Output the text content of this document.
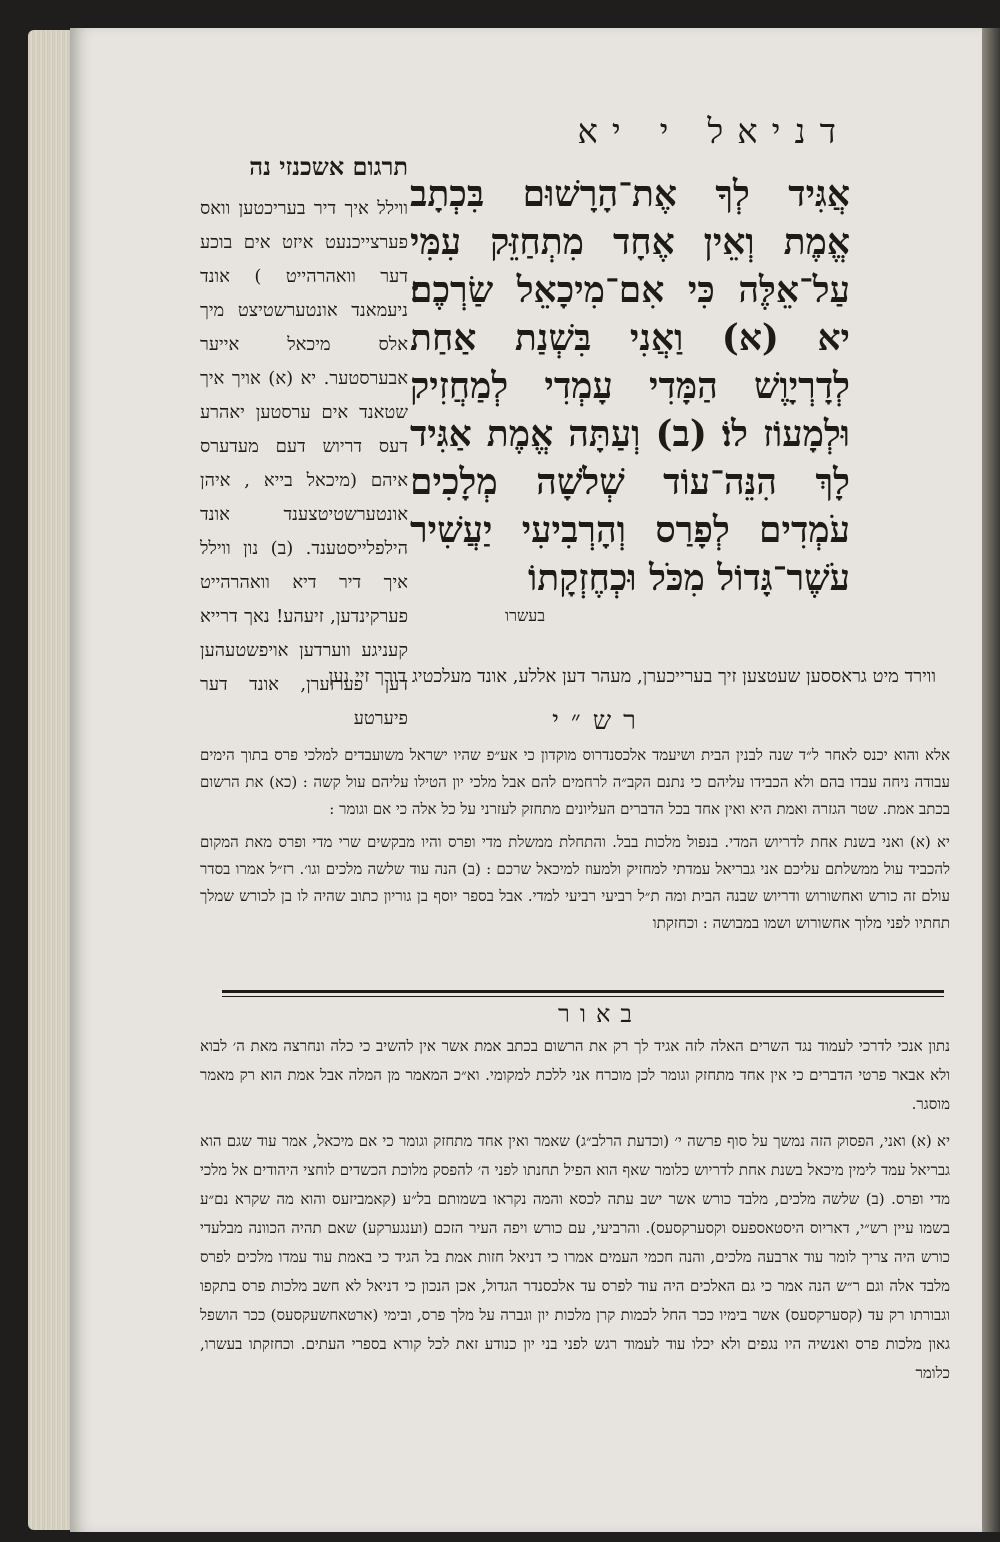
דניאל י יא
אֲגִּיד לְךָ אֶת־הָרָשׁוּם בִּכְתָב אֱמֶת וְאֵין אֶחָד מִתְחַזֵּק עִמִּי עַל־אֵלֶּה כִּי אִם־מִיכָאֵל שַׂרְכֶם׃ יא (א) וַאֲנִי בִּשְׁנַת אַחַת לְדָרְיָוֶשׁ הַמָּדִי עָמְדִי לְמַחֲזִיק וּלְמָעוֹז לוֹ׃ (ב) וְעַתָּה אֱמֶת אַגִּיד לָךְ הִנֵּה־עוֹד שְׁלֹשָׁה מְלָכִים עֹמְדִים לְפָרַס וְהָרְבִיעִי יַעֲשִׁיר עֹשֶׁר־גָּדוֹל מִכֹּל וּכְחֶזְקָתוֹ
בעשרו
תרגום אשכנזי נה
ווילל איך דיר בעריכטען וואס פערצייכנעט איזט אים בוכע דער וואהרהייט ) אונד ניעמאנד אונטערשטיצט מיך אלס מיכאל אייער אבערסטער. יא (א) אויך איך שטאנד אים ערסטען יאהרע דעס דריוש דעם מעדערס איהם (מיכאל בייא , איהן אונטערשטיטצענד אונד הילפלייסטענד. (ב) נון ווילל איך דיר דיא וואהרהייט פערקינדען, זיעהע! נאך דרייא קעניגע ווערדען אויפשטעהען דען פערזערן, אונד דער פיערטע
ווירד מיט גראססען שעטצען זיך בערייכערן, מעהר דען אללע, אונד מעלכטיג דורך זיי נען
רש״י

אלא והוא יכנס לאחר ל״ד שנה לבנין הבית ושיעמד אלכסנדרוס מוקדון כי אע״פ שהיו ישראל משועבדים למלכי פרס בתוך הימים עבודה ניחה עבדו בהם ולא הכבידו עליהם כי נתנם הקב״ה לרחמים להם אבל מלכי יון הטילו עליהם עול קשה : (כא) את הרשום בכתב אמת. שטר הגזרה ואמת היא ואין אחד בכל הדברים העליונים מתחזק לעזרני על כל אלה כי אם וגומר :

יא (א) ואני בשנת אחת לדריוש המדי. בנפול מלכות בבל. והתחלת ממשלת מדי ופרס והיו מבקשים שרי מדי ופרס מאת המקום להכביד עול ממשלתם עליכם אני גבריאל עמדתי למחזיק ולמעוז למיכאל שרכם : (ב) הנה עוד שלשה מלכים וגו׳. רז״ל אמרו בסדר עולם זה כורש ואחשורוש ודריוש שבנה הבית ומה ת״ל רביעי רביעי למדי. אבל בספר יוסף בן גוריון כתוב שהיה לו בן לכורש שמלך תחתיו לפני מלוך אחשורוש ושמו במבושה : וכחזקתו

באור

נתון אנכי לדרכי לעמוד נגד השרים האלה לזה אגיד לך רק את הרשום בכתב אמת אשר אין להשיב כי כלה ונחרצה מאת ה׳ לבוא ולא אבאר פרטי הדברים כי אין אחד מתחזק וגומר לכן מוכרח אני ללכת למקומי. וא״כ המאמר מן המלה אבל אמת הוא רק מאמר מוסגר.

יא (א) ואני, הפסוק הזה נמשך על סוף פרשה י׳ (וכדעת הרלב״ג) שאמר ואין אחד מתחזק וגומר כי אם מיכאל, אמר עוד שגם הוא גבריאל עמד לימין מיכאל בשנת אחת לדריוש כלומר שאף הוא הפיל תחנתו לפני ה׳ להפסק מלוכת הכשדים לוחצי היהודים אל מלכי מדי ופרס. (ב) שלשה מלכים, מלבד כורש אשר ישב עתה לכסא והמה נקראו בשמותם בל״ע (קאמביזעס והוא מה שקרא נם״ע בשמו עיין רש״י, דאריוס היסטאספעס וקסערקסעס). והרביעי, עם כורש ויפה העיר הזכם (וענגערקע) שאם תהיה הכוונה מבלעדי כורש היה צריך לומר עוד ארבעה מלכים, והנה חכמי העמים אמרו כי דניאל חזות אמת בל הגיד כי באמת עוד עמדו מלכים לפרס מלבד אלה וגם ר״ש הנה אמר כי גם האלכים היה עוד לפרס עד אלכסנדר הגדול, אכן הנכון כי דניאל לא חשב מלכות פרס בתקפו וגבורתו רק עד (קסערקסעס) אשר בימיו ככר החל לכמות קרן מלכות יון וגברה על מלך פרס, ובימי (ארטאחשעקסעס) ככר הושפל גאון מלכות פרס ואנשיה היו נגפים ולא יכלו עוד לעמוד רגש לפני בני יון כנודע זאת לכל קורא בספרי העתים. וכחזקתו בעשרו, כלומר
